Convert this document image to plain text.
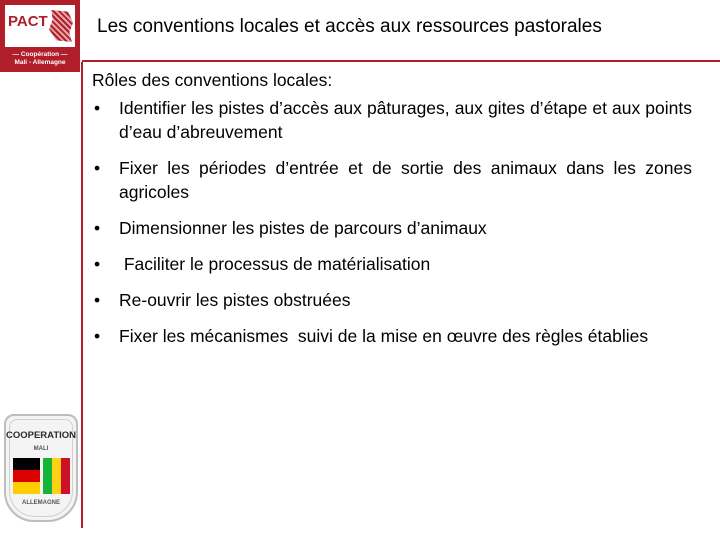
PACT
— Coopération —
Mali - Allemagne
Les conventions locales et accès aux ressources pastorales

Rôles des conventions locales:

• Identifier les pistes d’accès aux pâturages, aux gites d’étape et aux points d’eau d’abreuvement
• Fixer les périodes d’entrée et de sortie des animaux dans les zones agricoles
• Dimensionner les pistes de parcours d’animaux
• Faciliter le processus de matérialisation
• Re-ouvrir les pistes obstruées
• Fixer les mécanismes  suivi de la mise en œuvre des règles établies
COOPERATION
MALI
ALLEMAGNE
